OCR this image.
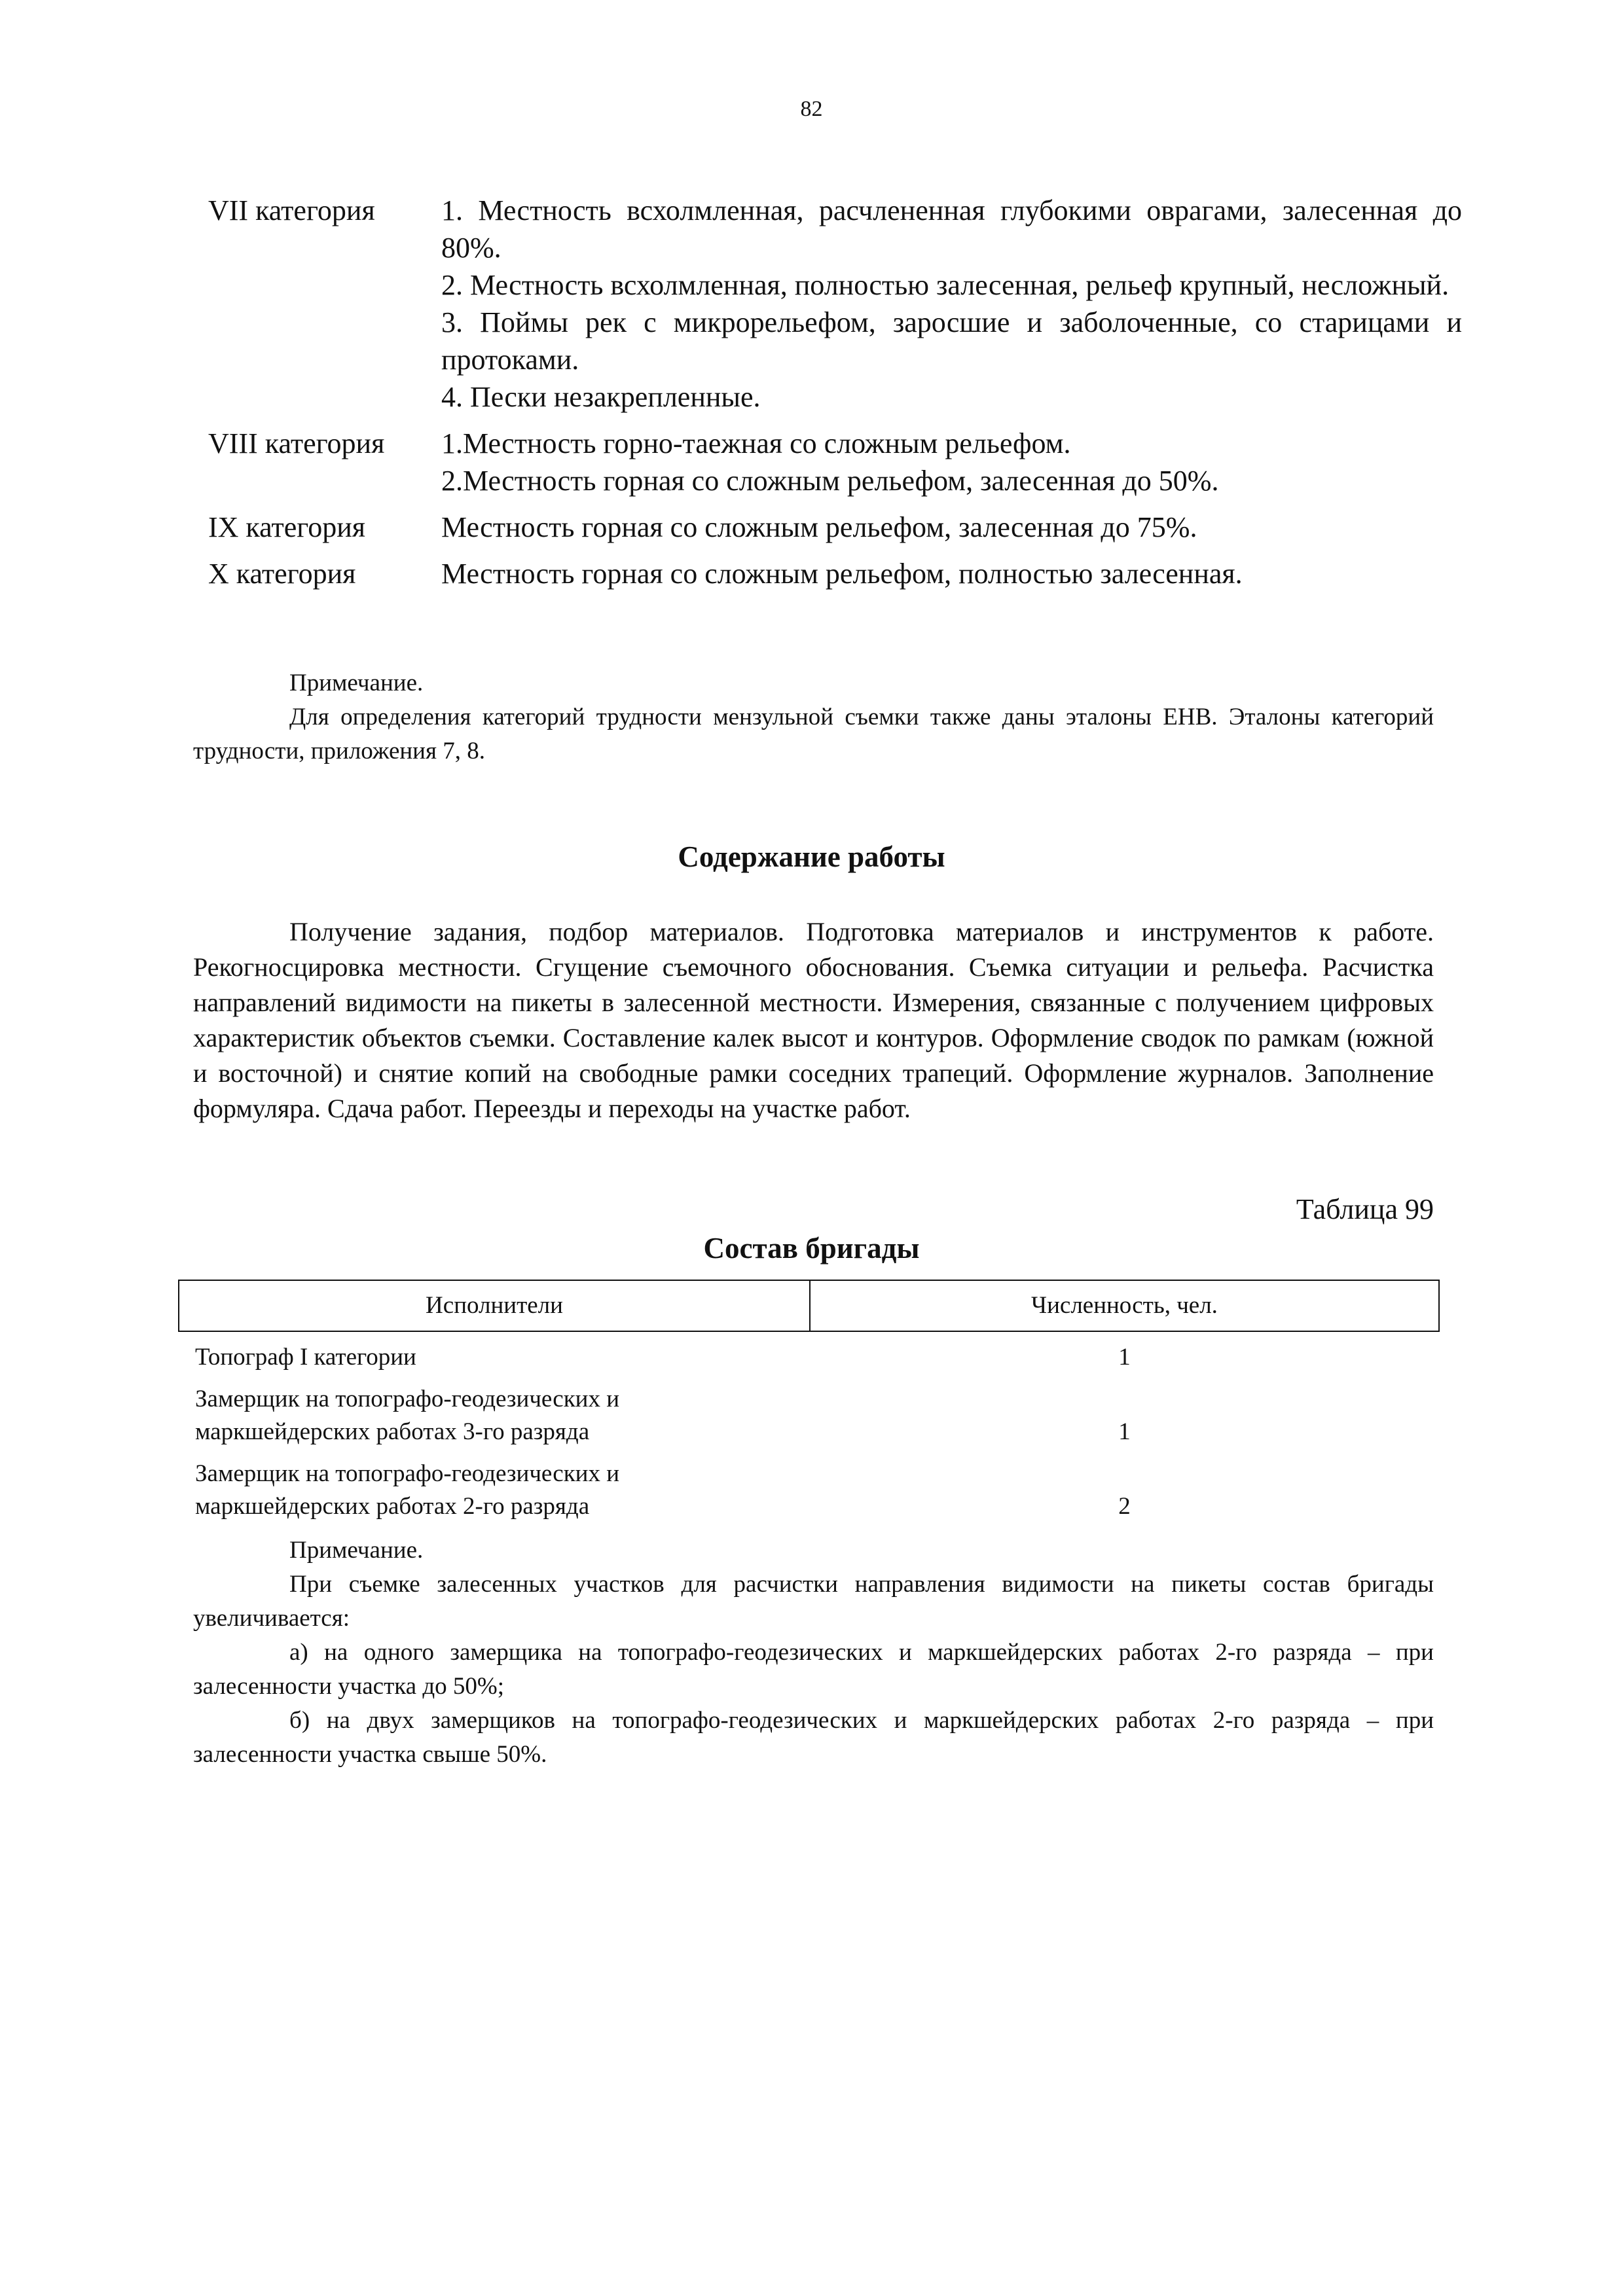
82
VII категория	1. Местность всхолмленная, расчлененная глубокими оврагами, залесенная до 80%.
2. Местность всхолмленная, полностью залесенная, рельеф крупный, несложный.
3. Поймы рек с микрорельефом, заросшие и заболоченные, со старицами и протоками.
4. Пески незакрепленные.

VIII категория	1.Местность горно-таежная со сложным рельефом.
2.Местность горная со сложным рельефом, залесенная до 50%.

IX категория	Местность горная со сложным рельефом, залесенная до 75%.

X категория	Местность горная со сложным рельефом, полностью залесенная.
Примечание.
Для определения категорий трудности мензульной съемки также даны эталоны ЕНВ. Эталоны категорий трудности, приложения 7, 8.
Содержание работы
Получение задания, подбор материалов. Подготовка материалов и инструментов к работе. Рекогносцировка местности. Сгущение съемочного обоснования. Съемка ситуации и рельефа. Расчистка направлений видимости на пикеты в залесенной местности. Измерения, связанные с получением цифровых характеристик объектов съемки. Составление калек высот и контуров. Оформление сводок по рамкам (южной и восточной) и снятие копий на свободные рамки соседних трапеций. Оформление журналов. Заполнение формуляра. Сдача работ. Переезды и переходы на участке работ.
Таблица 99
Состав бригады
Исполнители	Численность, чел.
Топограф I категории	1
Замерщик на топографо-геодезических и маркшейдерских работах 3-го разряда	1
Замерщик на топографо-геодезических и маркшейдерских работах 2-го разряда	2
Примечание.
При съемке залесенных участков для расчистки направления видимости на пикеты состав бригады увеличивается:
а) на одного замерщика на топографо-геодезических и маркшейдерских работах 2-го разряда – при залесенности участка до 50%;
б) на двух замерщиков на топографо-геодезических и маркшейдерских работах 2-го разряда – при залесенности участка свыше 50%.
